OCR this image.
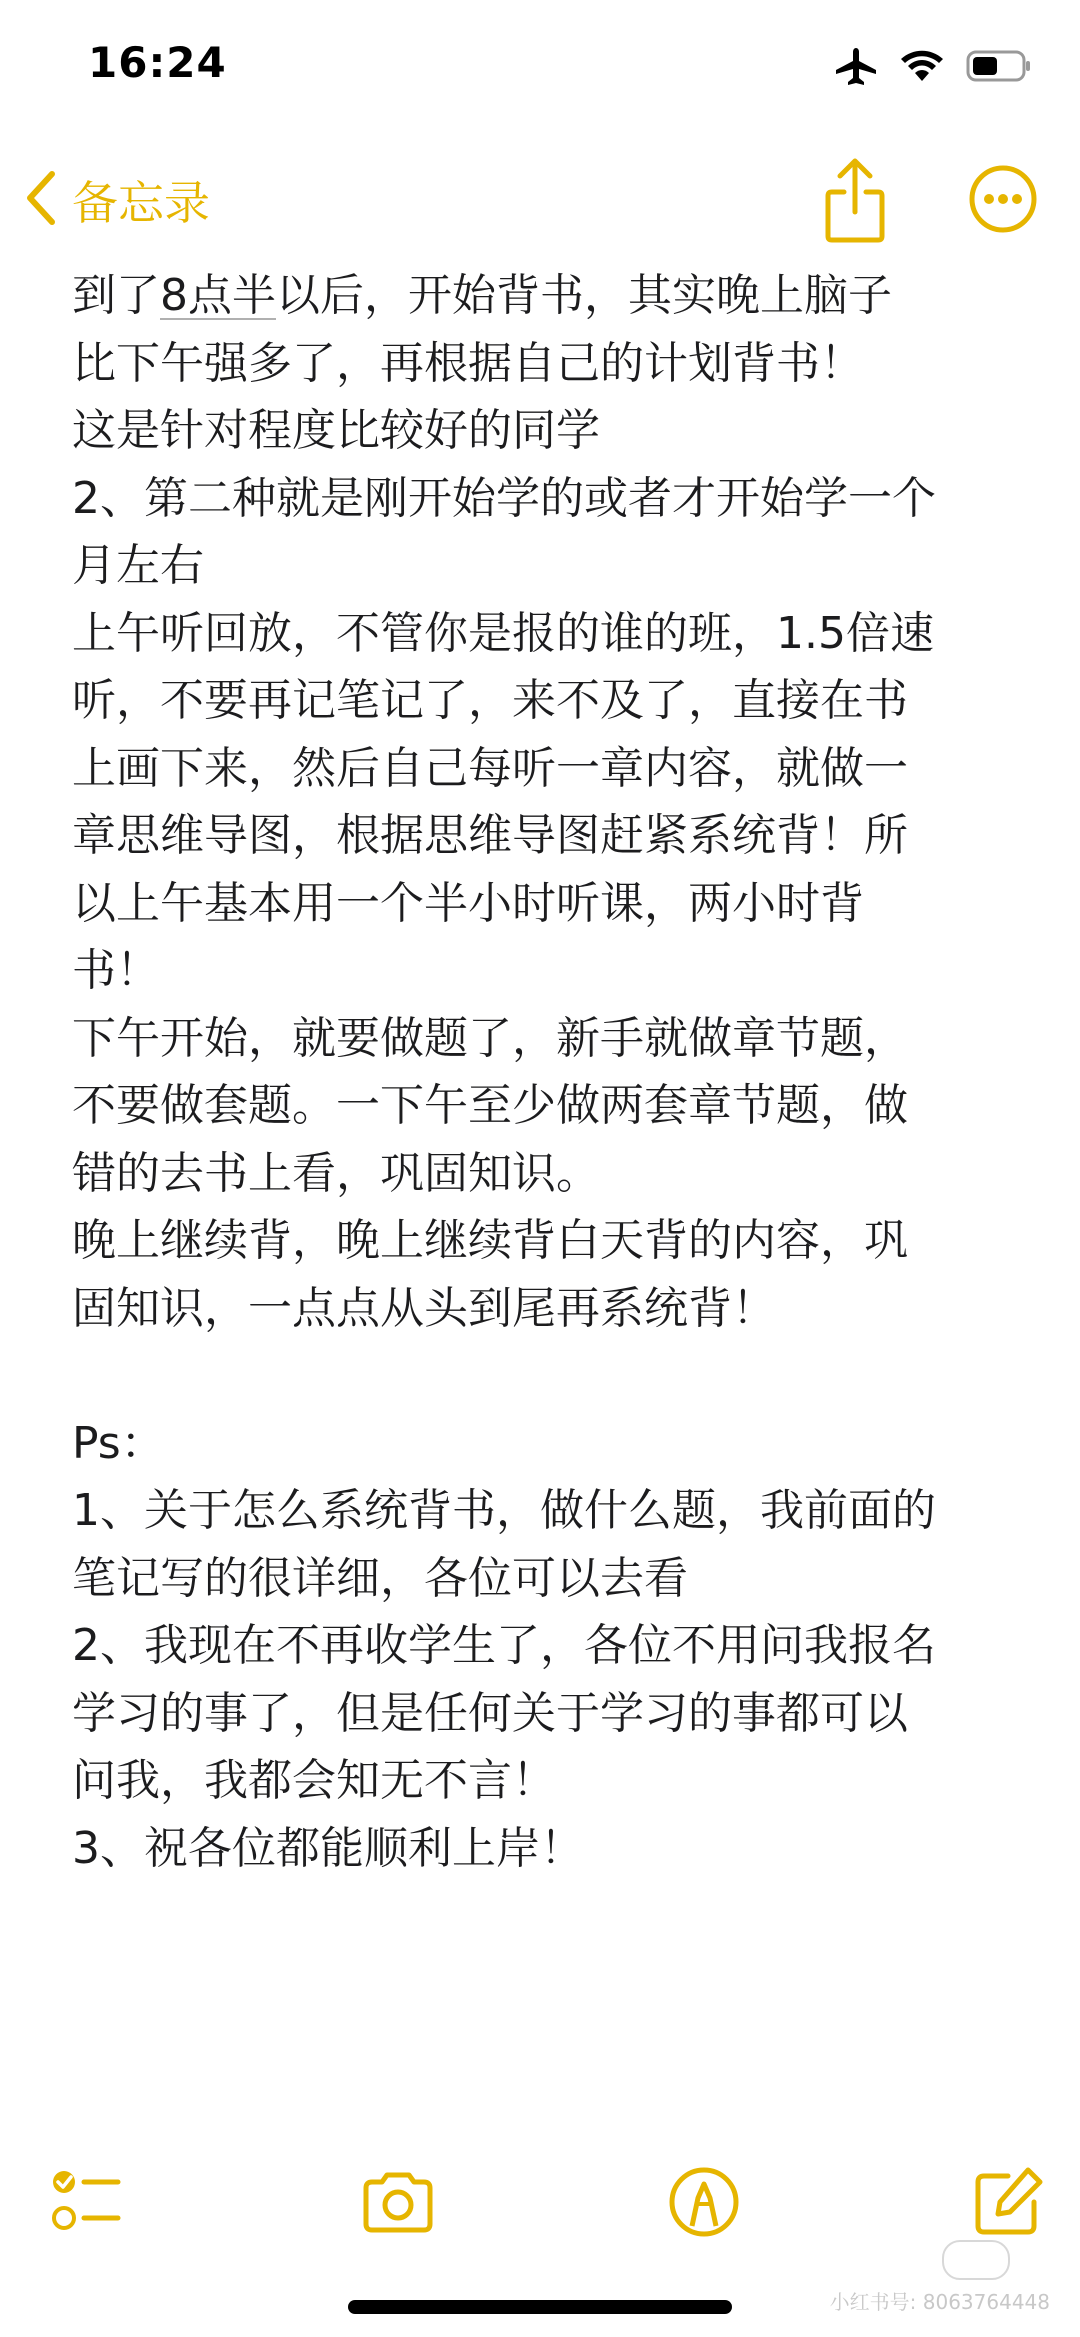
16:24
备忘录
到了8点半以后，开始背书，其实晚上脑子
比下午强多了，再根据自己的计划背书！
这是针对程度比较好的同学
2、第二种就是刚开始学的或者才开始学一个
月左右
上午听回放，不管你是报的谁的班，1.5倍速
听，不要再记笔记了，来不及了，直接在书
上画下来，然后自己每听一章内容，就做一
章思维导图，根据思维导图赶紧系统背！所
以上午基本用一个半小时听课，两小时背
书！
下午开始，就要做题了，新手就做章节题，
不要做套题。一下午至少做两套章节题，做
错的去书上看，巩固知识。
晚上继续背，晚上继续背白天背的内容，巩
固知识，一点点从头到尾再系统背！
Ps：
1、关于怎么系统背书，做什么题，我前面的
笔记写的很详细，各位可以去看
2、我现在不再收学生了，各位不用问我报名
学习的事了，但是任何关于学习的事都可以
问我，我都会知无不言！
3、祝各位都能顺利上岸！
小红书号: 8063764448
